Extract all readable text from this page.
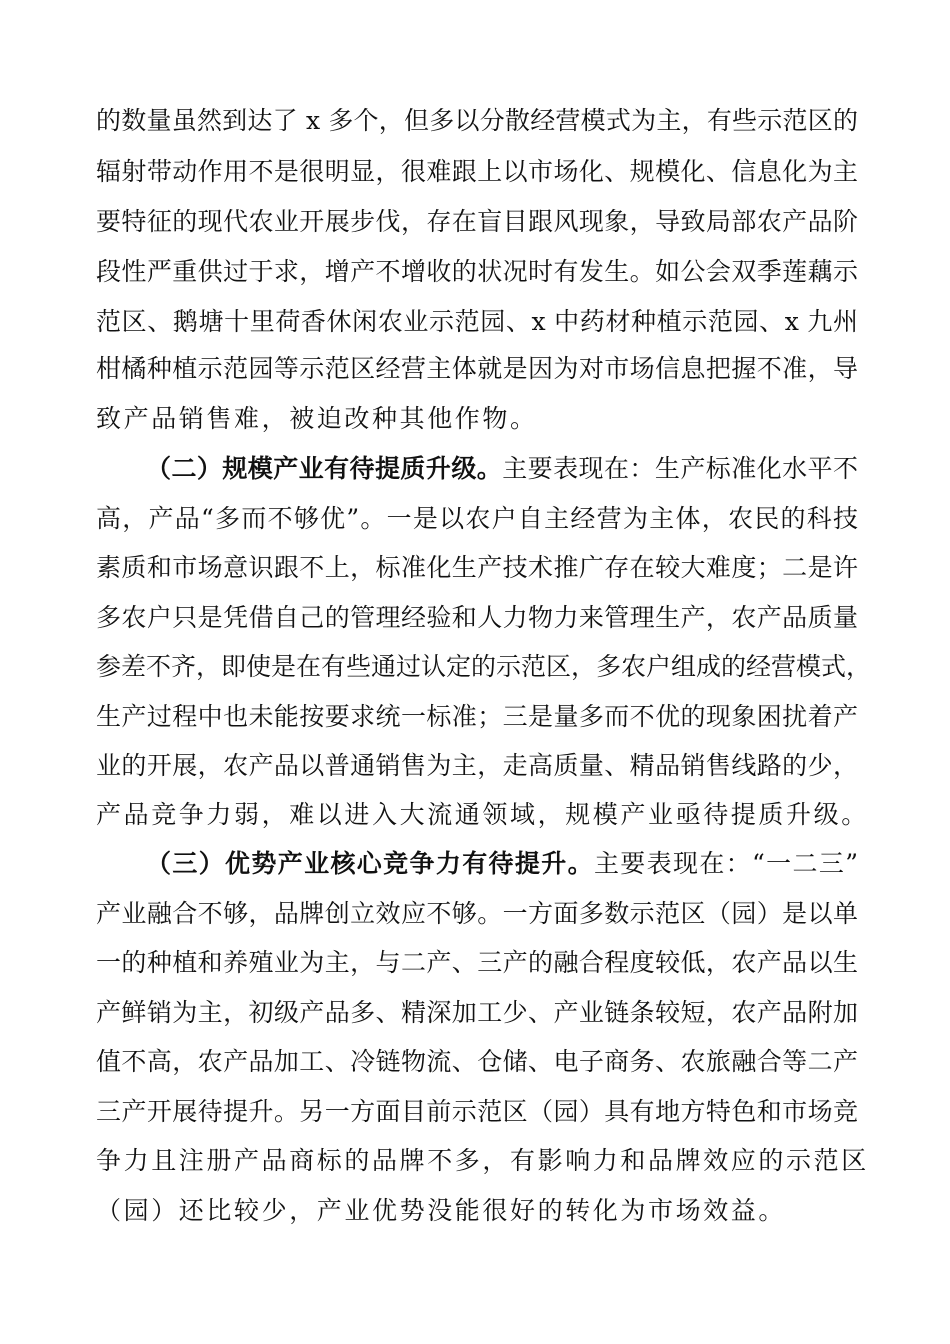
的数量虽然到达了 x 多个，但多以分散经营模式为主，有些示范区的
辐射带动作用不是很明显，很难跟上以市场化、规模化、信息化为主
要特征的现代农业开展步伐，存在盲目跟风现象，导致局部农产品阶
段性严重供过于求，增产不增收的状况时有发生。如公会双季莲藕示
范区、鹅塘十里荷香休闲农业示范园、x 中药材种植示范园、x 九州
柑橘种植示范园等示范区经营主体就是因为对市场信息把握不准，导
致产品销售难，被迫改种其他作物。
（二）规模产业有待提质升级。主要表现在：生产标准化水平不
高，产品“多而不够优”。一是以农户自主经营为主体，农民的科技
素质和市场意识跟不上，标准化生产技术推广存在较大难度；二是许
多农户只是凭借自己的管理经验和人力物力来管理生产，农产品质量
参差不齐，即使是在有些通过认定的示范区，多农户组成的经营模式，
生产过程中也未能按要求统一标准；三是量多而不优的现象困扰着产
业的开展，农产品以普通销售为主，走高质量、精品销售线路的少，
产品竞争力弱，难以进入大流通领域，规模产业亟待提质升级。
（三）优势产业核心竞争力有待提升。主要表现在：“一二三”
产业融合不够，品牌创立效应不够。一方面多数示范区（园）是以单
一的种植和养殖业为主，与二产、三产的融合程度较低，农产品以生
产鲜销为主，初级产品多、精深加工少、产业链条较短，农产品附加
值不高，农产品加工、冷链物流、仓储、电子商务、农旅融合等二产
三产开展待提升。另一方面目前示范区（园）具有地方特色和市场竞
争力且注册产品商标的品牌不多，有影响力和品牌效应的示范区
（园）还比较少，产业优势没能很好的转化为市场效益。
